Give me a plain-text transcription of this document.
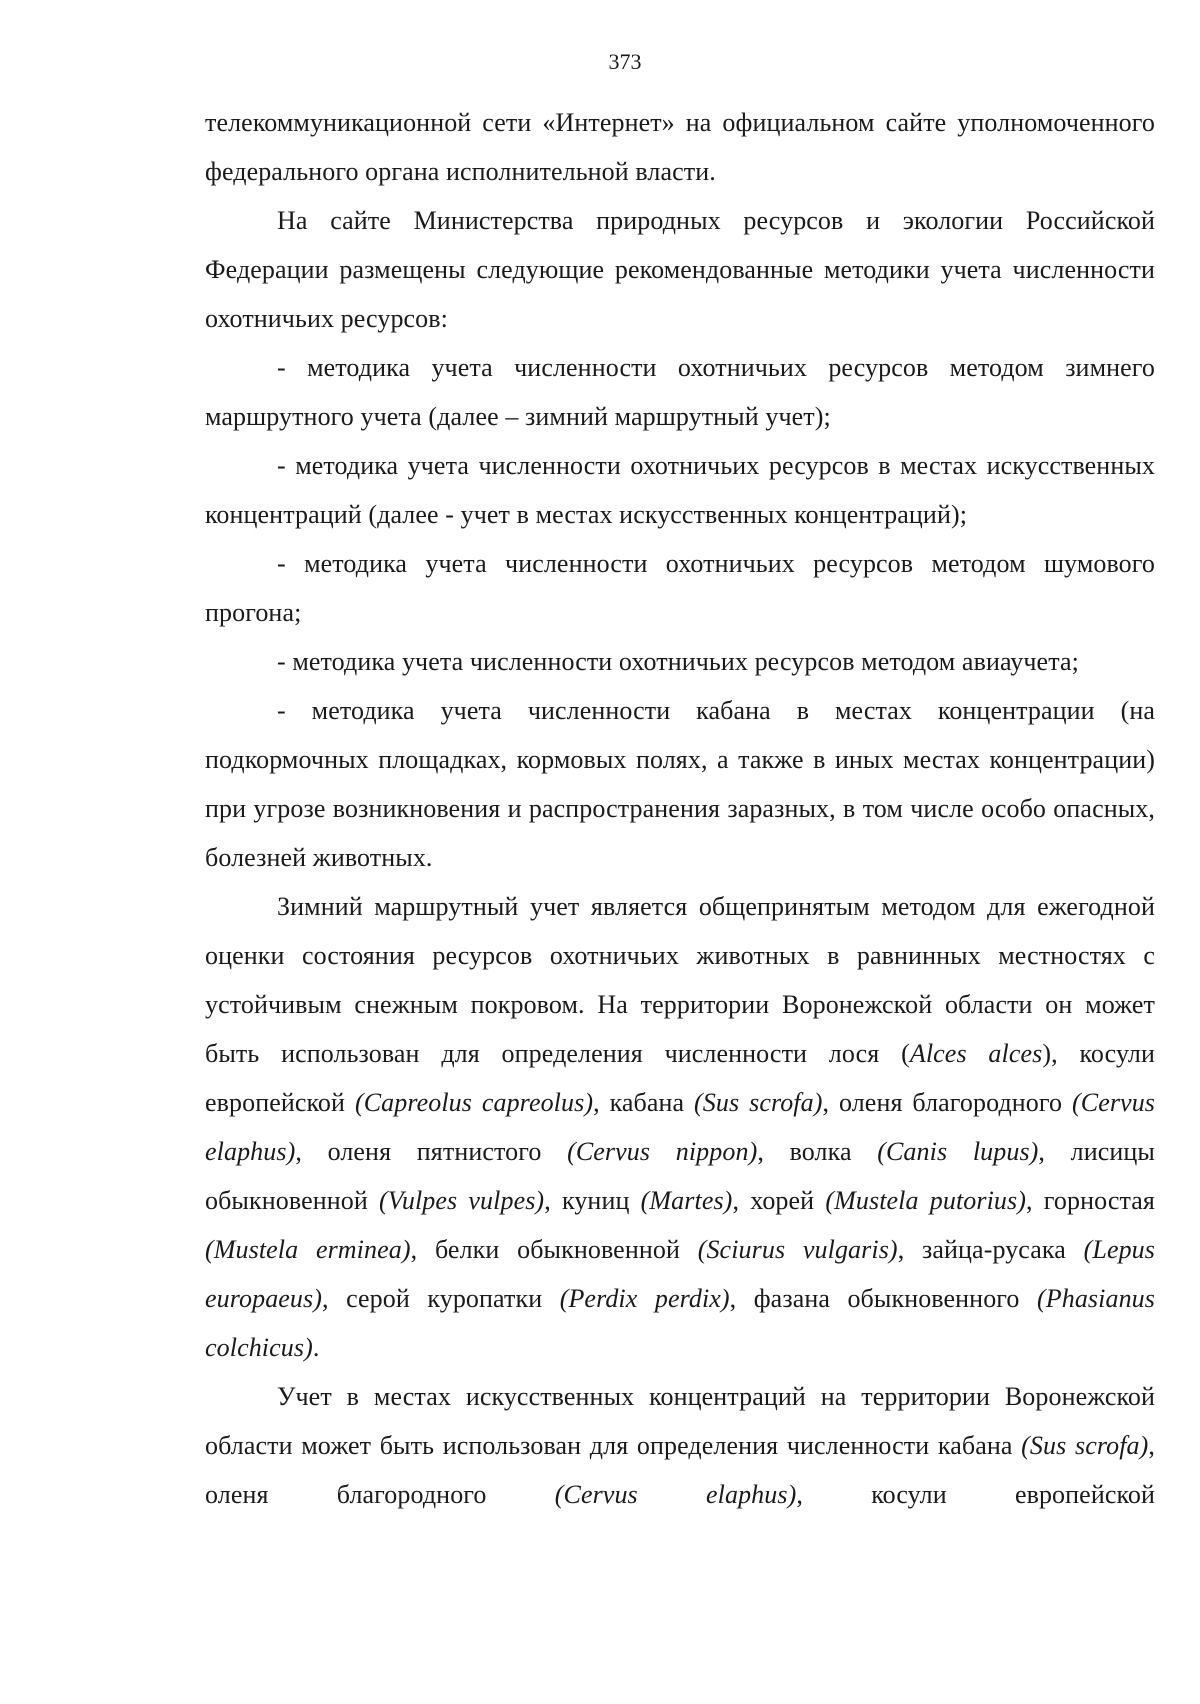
373

телекоммуникационной сети «Интернет» на официальном сайте уполномоченного федерального органа исполнительной власти.

На сайте Министерства природных ресурсов и экологии Российской Федерации размещены следующие рекомендованные методики учета численности охотничьих ресурсов:

- методика учета численности охотничьих ресурсов методом зимнего маршрутного учета (далее – зимний маршрутный учет);

- методика учета численности охотничьих ресурсов в местах искусственных концентраций (далее - учет в местах искусственных концентраций);

- методика учета численности охотничьих ресурсов методом шумового прогона;

- методика учета численности охотничьих ресурсов методом авиаучета;

- методика учета численности кабана в местах концентрации (на подкормочных площадках, кормовых полях, а также в иных местах концентрации) при угрозе возникновения и распространения заразных, в том числе особо опасных, болезней животных.

Зимний маршрутный учет является общепринятым методом для ежегодной оценки состояния ресурсов охотничьих животных в равнинных местностях с устойчивым снежным покровом. На территории Воронежской области он может быть использован для определения численности лося (Alces alces), косули европейской (Capreolus capreolus), кабана (Sus scrofa), оленя благородного (Cervus elaphus), оленя пятнистого (Cervus nippon), волка (Canis lupus), лисицы обыкновенной (Vulpes vulpes), куниц (Martes), хорей (Mustela putorius), горностая (Mustela erminea), белки обыкновенной (Sciurus vulgaris), зайца-русака (Lepus europaeus), серой куропатки (Perdix perdix), фазана обыкновенного (Phasianus colchicus).

Учет в местах искусственных концентраций на территории Воронежской области может быть использован для определения численности кабана (Sus scrofa), оленя благородного (Cervus elaphus), косули европейской
